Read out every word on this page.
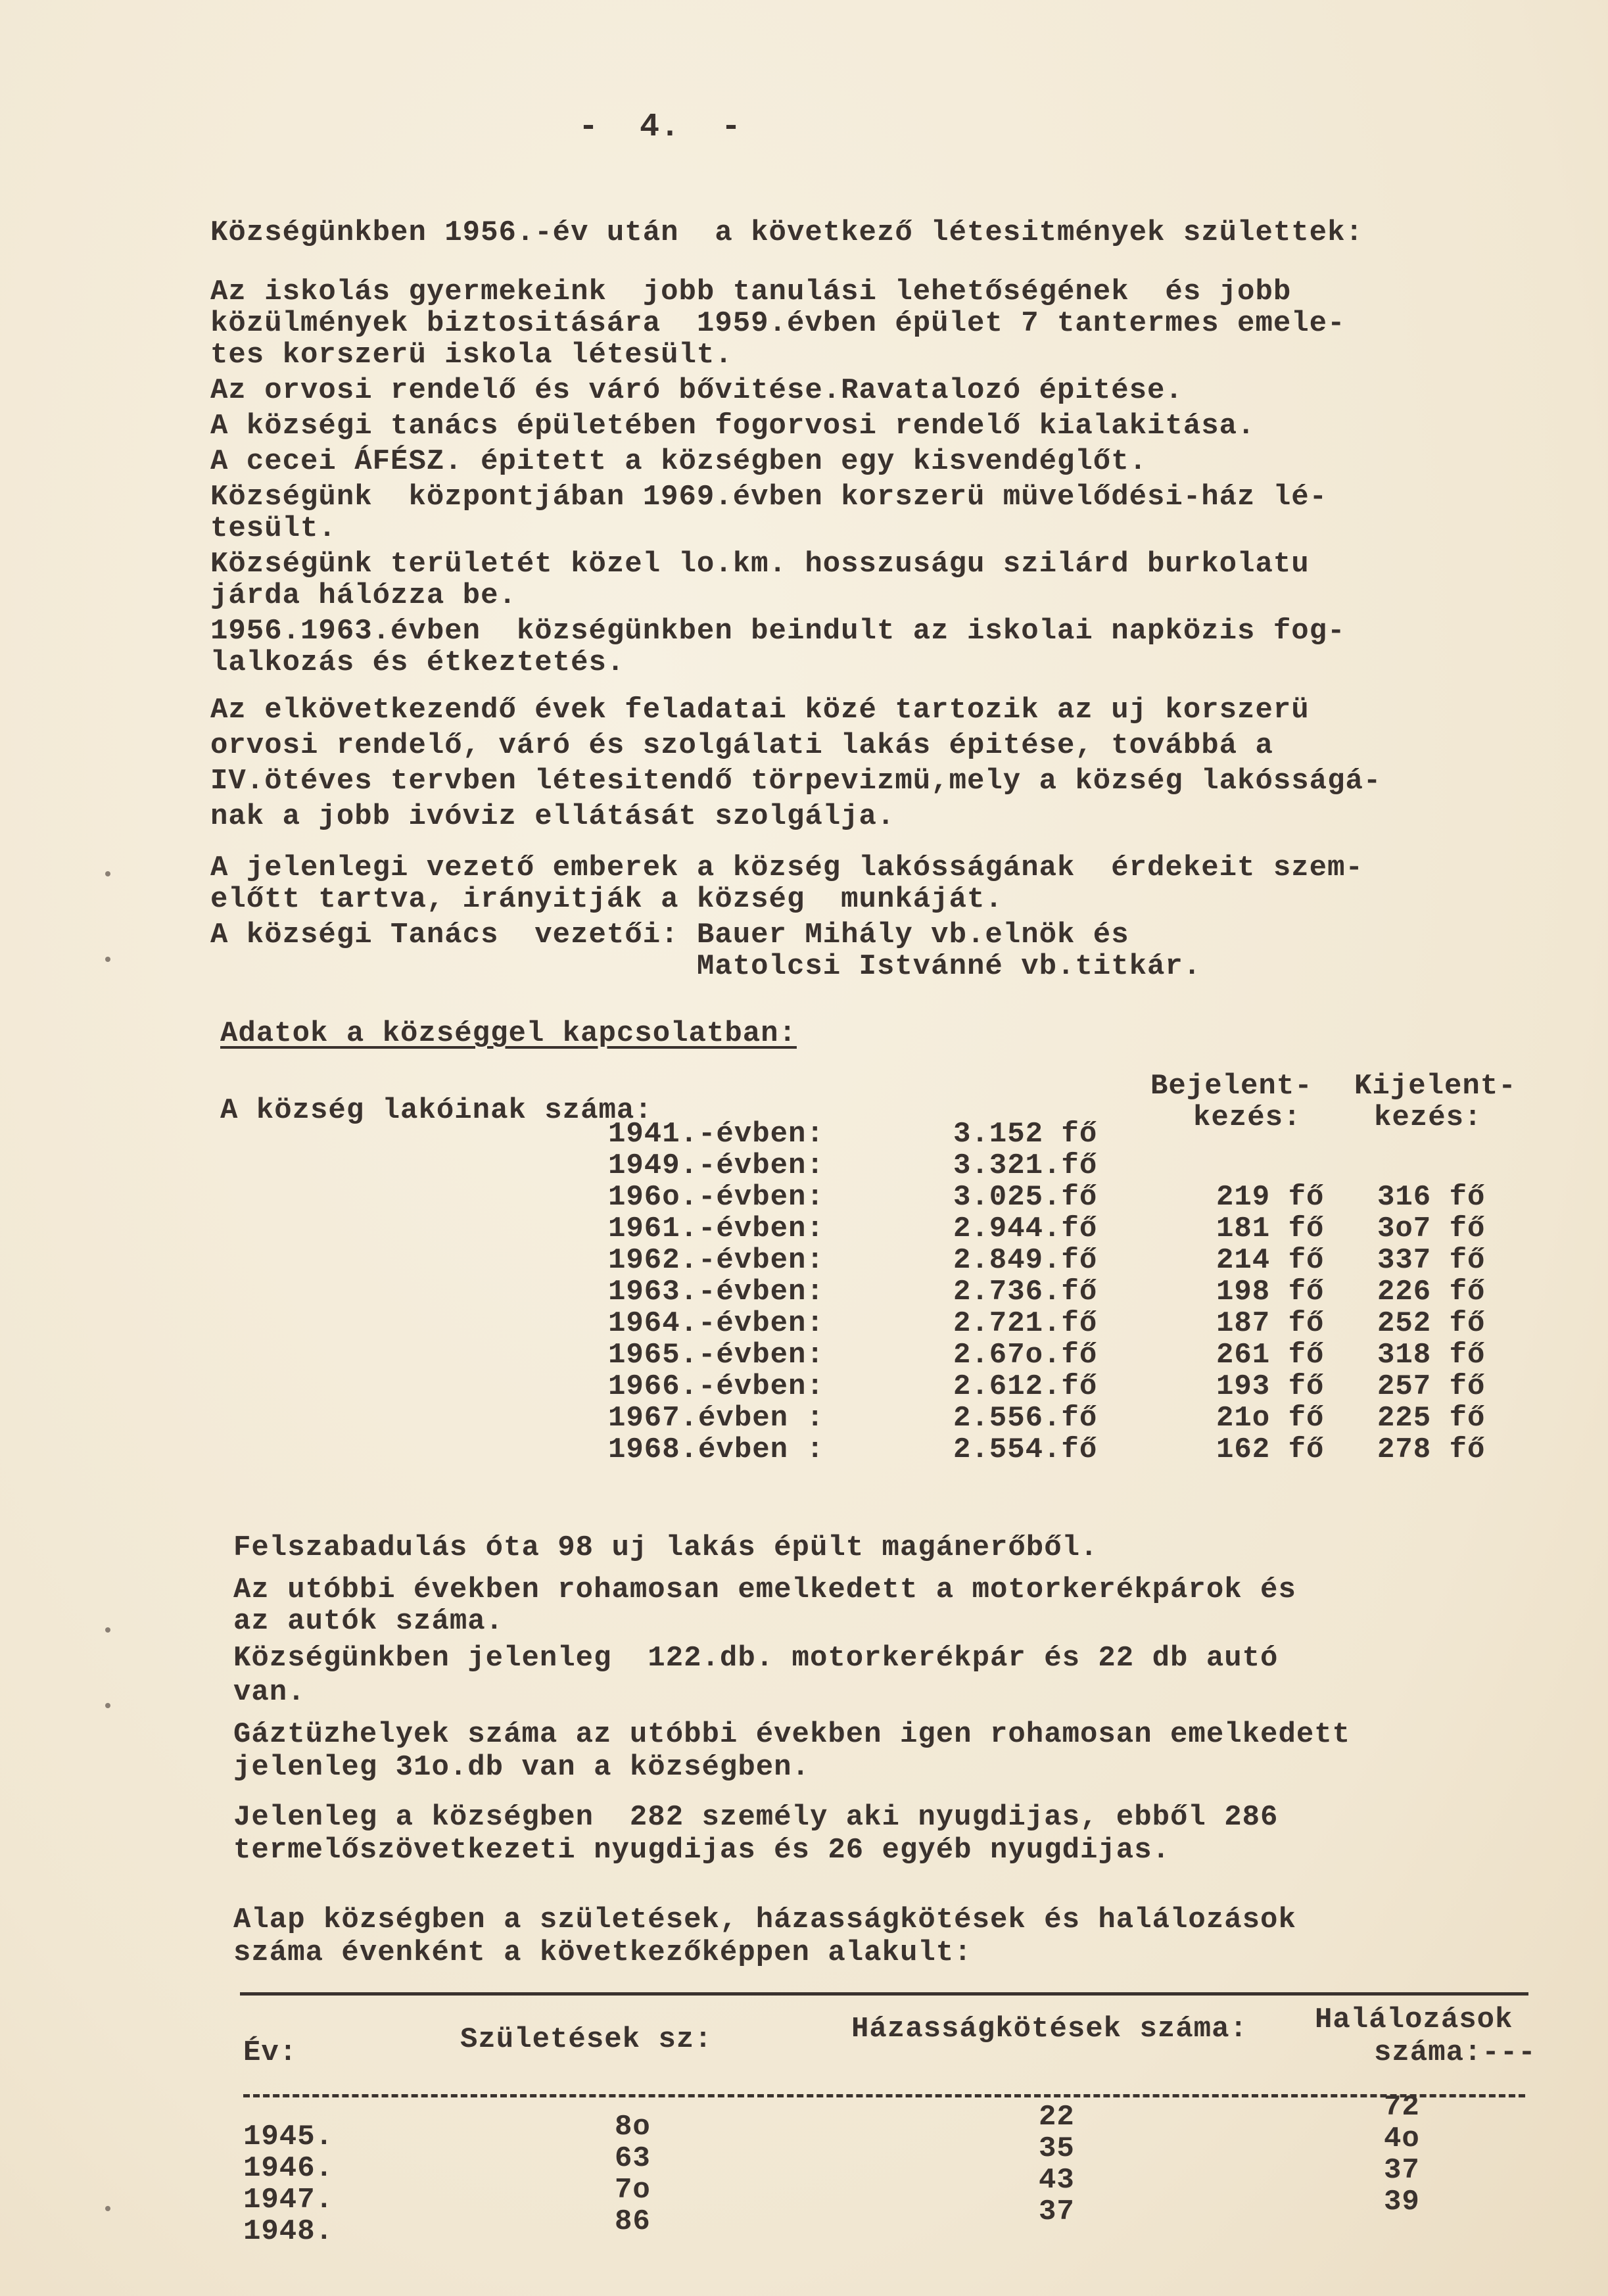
-  4.  -
Községünkben 1956.-év után  a következő létesitmények születtek:
Az iskolás gyermekeink  jobb tanulási lehetőségének  és jobb
közülmények biztositására  1959.évben épület 7 tantermes emele-
tes korszerü iskola létesült.
Az orvosi rendelő és váró bővitése.Ravatalozó épitése.
A községi tanács épületében fogorvosi rendelő kialakitása.
A cecei ÁFÉSZ. épitett a községben egy kisvendéglőt.
Községünk  központjában 1969.évben korszerü müvelődési-ház lé-
tesült.
Községünk területét közel lo.km. hosszuságu szilárd burkolatu
járda hálózza be.
1956.1963.évben  községünkben beindult az iskolai napközis fog-
lalkozás és étkeztetés.
Az elkövetkezendő évek feladatai közé tartozik az uj korszerü
orvosi rendelő, váró és szolgálati lakás épitése, továbbá a
IV.ötéves tervben létesitendő törpevizmü,mely a község lakósságá-
nak a jobb ivóviz ellátását szolgálja.
A jelenlegi vezető emberek a község lakósságának  érdekeit szem-
előtt tartva, irányitják a község  munkáját.
A községi Tanács  vezetői: Bauer Mihály vb.elnök és
Matolcsi Istvánné vb.titkár.
Adatok a községgel kapcsolatban:
A község lakóinak száma:
Bejelent-
kezés:
Kijelent-
kezés:
1941.-évben:
1949.-évben:
196o.-évben:
1961.-évben:
1962.-évben:
1963.-évben:
1964.-évben:
1965.-évben:
1966.-évben:
1967.évben :
1968.évben :
3.152 fő
3.321.fő
3.025.fő
2.944.fő
2.849.fő
2.736.fő
2.721.fő
2.67o.fő
2.612.fő
2.556.fő
2.554.fő
219 fő
181 fő
214 fő
198 fő
187 fő
261 fő
193 fő
21o fő
162 fő
316 fő
3o7 fő
337 fő
226 fő
252 fő
318 fő
257 fő
225 fő
278 fő
Felszabadulás óta 98 uj lakás épült magánerőből.
Az utóbbi években rohamosan emelkedett a motorkerékpárok és
az autók száma.
Községünkben jelenleg  122.db. motorkerékpár és 22 db autó
van.
Gáztüzhelyek száma az utóbbi években igen rohamosan emelkedett
jelenleg 31o.db van a községben.
Jelenleg a községben  282 személy aki nyugdijas, ebből 286
termelőszövetkezeti nyugdijas és 26 egyéb nyugdijas.
Alap községben a születések, házasságkötések és halálozások
száma évenként a következőképpen alakult:
Év:	Születések sz:	Házasságkötések száma: Halálozások
száma:---
1945.
1946.
1947.
1948.
8o
63
7o
86
22
35
43
37
72
4o
37
39
